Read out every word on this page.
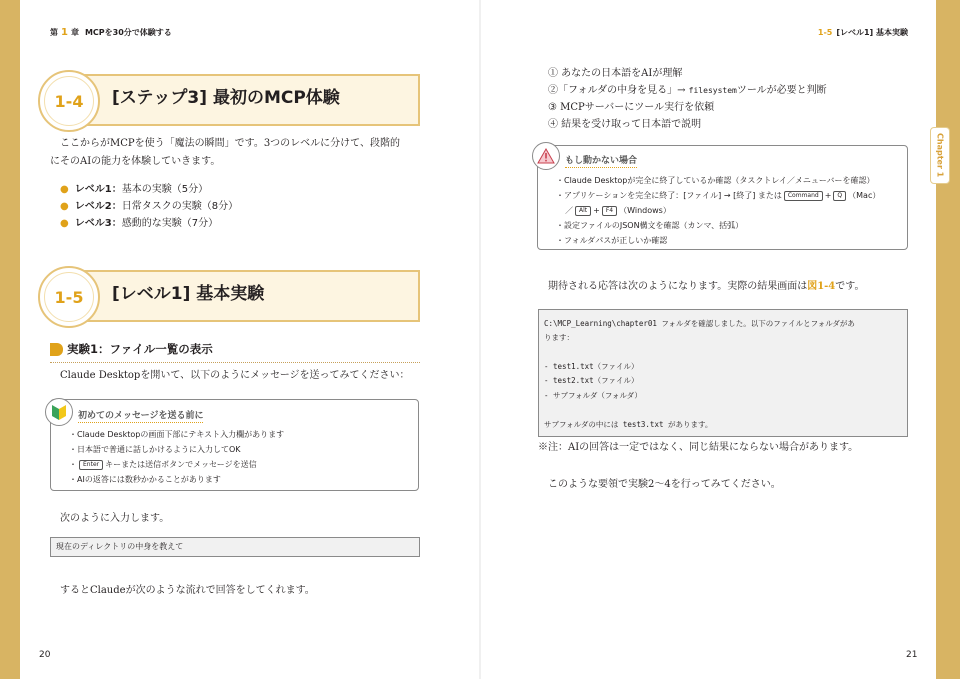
第 1 章 MCPを30分で体験する	1-5 [レベル1] 基本実験
Chapter 1
1-4	[ステップ3] 最初のMCP体験
ここからがMCPを使う「魔法の瞬間」です。3つのレベルに分けて、段階的
にそのAIの能力を体験していきます。
● レベル1：基本の実験（5分）
● レベル2：日常タスクの実験（8分）
● レベル3：感動的な実験（7分）
1-5	[レベル1] 基本実験
実験1：ファイル一覧の表示
Claude Desktopを開いて、以下のようにメッセージを送ってみてください：
初めてのメッセージを送る前に
・Claude Desktopの画面下部にテキスト入力欄があります
・日本語で普通に話しかけるように入力してOK
・ Enter キーまたは送信ボタンでメッセージを送信
・AIの返答には数秒かかることがあります
次のように入力します。
現在のディレクトリの中身を教えて
するとClaudeが次のような流れで回答をしてくれます。
① あなたの日本語をAIが理解
②「フォルダの中身を見る」→ filesystemツールが必要と判断
③ MCPサーバーにツール実行を依頼
④ 結果を受け取って日本語で説明
もし動かない場合
・Claude Desktopが完全に終了しているか確認（タスクトレイ／メニューバーを確認）
・アプリケーションを完全に終了：[ファイル] → [終了] または Command + Q （Mac）
／ Alt + F4 （Windows）
・設定ファイルのJSON構文を確認（カンマ、括弧）
・フォルダパスが正しいか確認
期待される応答は次のようになります。実際の結果画面は図1-4です。
C:\MCP_Learning\chapter01 フォルダを確認しました。以下のファイルとフォルダがあ
ります：
- test1.txt（ファイル）
- test2.txt（ファイル）
- サブフォルダ（フォルダ）
サブフォルダの中には test3.txt があります。
※注：AIの回答は一定ではなく、同じ結果にならない場合があります。
このような要領で実験2～4を行ってみてください。
20	21
